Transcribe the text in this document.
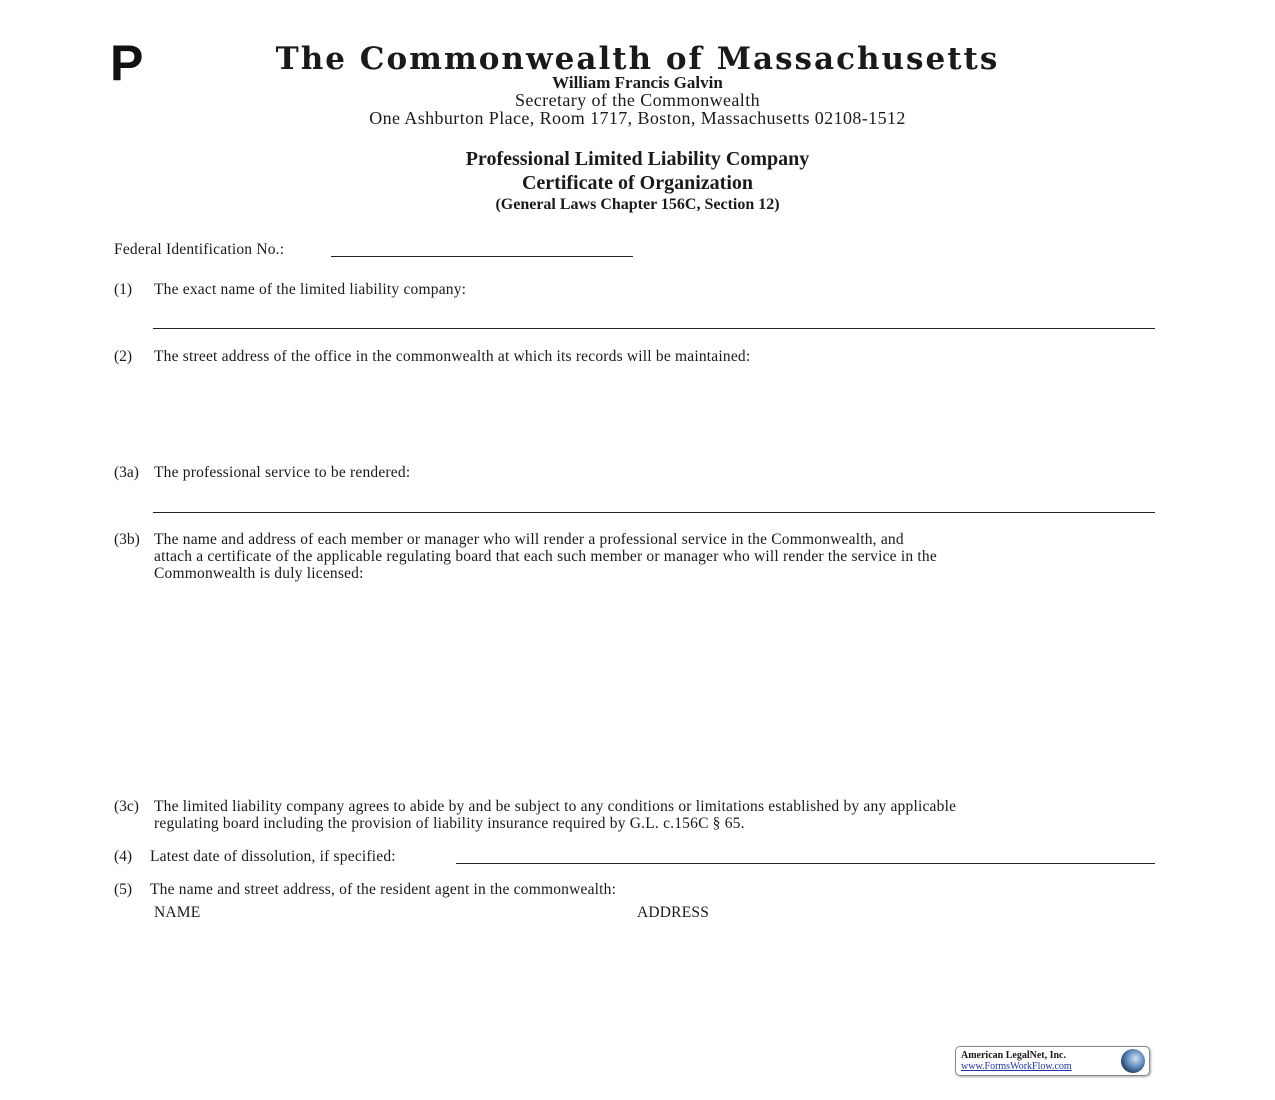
P	The Commonwealth of Massachusetts
William Francis Galvin
Secretary of the Commonwealth
One Ashburton Place, Room 1717, Boston, Massachusetts 02108-1512
Professional Limited Liability Company
Certificate of Organization
(General Laws Chapter 156C, Section 12)
Federal Identification No.:
(1) The exact name of the limited liability company:
(2) The street address of the office in the commonwealth at which its records will be maintained:
(3a) The professional service to be rendered:
(3b) The name and address of each member or manager who will render a professional service in the Commonwealth, and
attach a certificate of the applicable regulating board that each such member or manager who will render the service in the
Commonwealth is duly licensed:
(3c) The limited liability company agrees to abide by and be subject to any conditions or limitations established by any applicable
regulating board including the provision of liability insurance required by G.L. c.156C § 65.
(4) Latest date of dissolution, if specified:
(5) The name and street address, of the resident agent in the commonwealth:
NAME	ADDRESS
American LegalNet, Inc.
www.FormsWorkFlow.com
